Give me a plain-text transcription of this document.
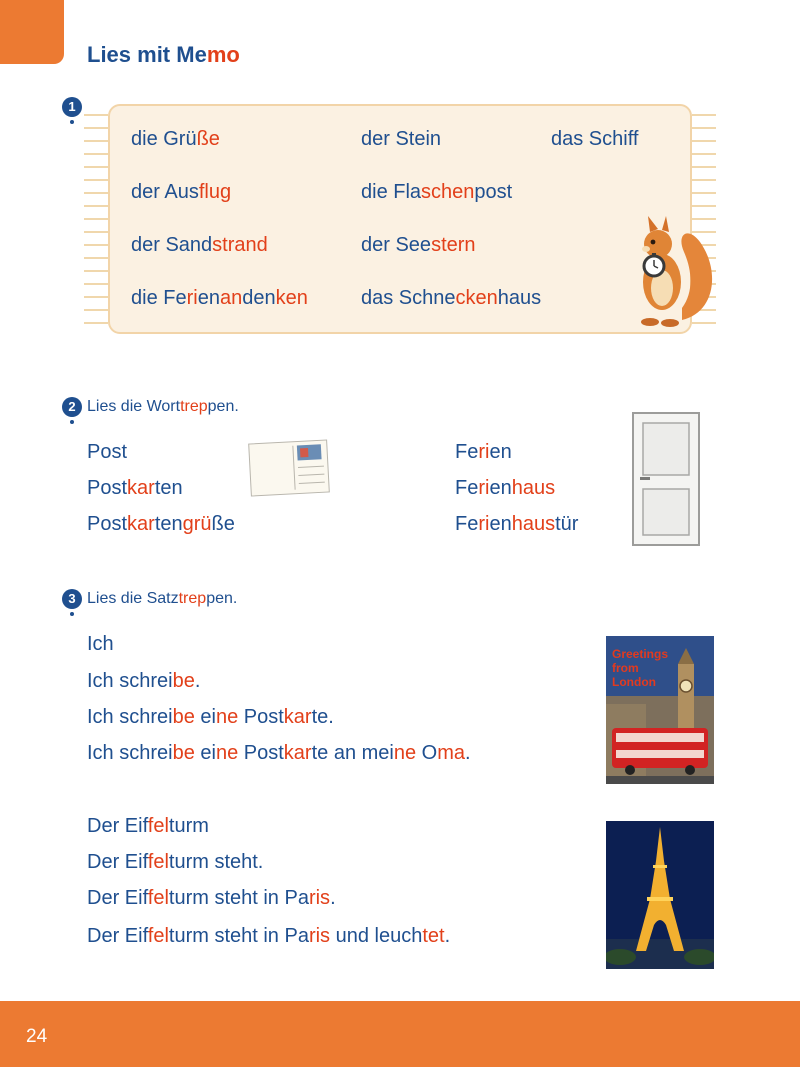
Lies mit Memo
1
die Grüße	der Stein	das Schiff
der Ausflug	die Flaschenpost
der Sandstrand	der Seestern
die Ferienandenken	das Schneckenhaus
2 Lies die Worttreppen.
Post
Postkarten
Postkartengrüße
Ferien
Ferienhaus
Ferienhaustür
3 Lies die Satztreppen.
Ich
Ich schreibe.
Ich schreibe eine Postkarte.
Ich schreibe eine Postkarte an meine Oma.
Der Eiffelturm
Der Eiffelturm steht.
Der Eiffelturm steht in Paris.
Der Eiffelturm steht in Paris und leuchtet.
Greetings
from
London
24
